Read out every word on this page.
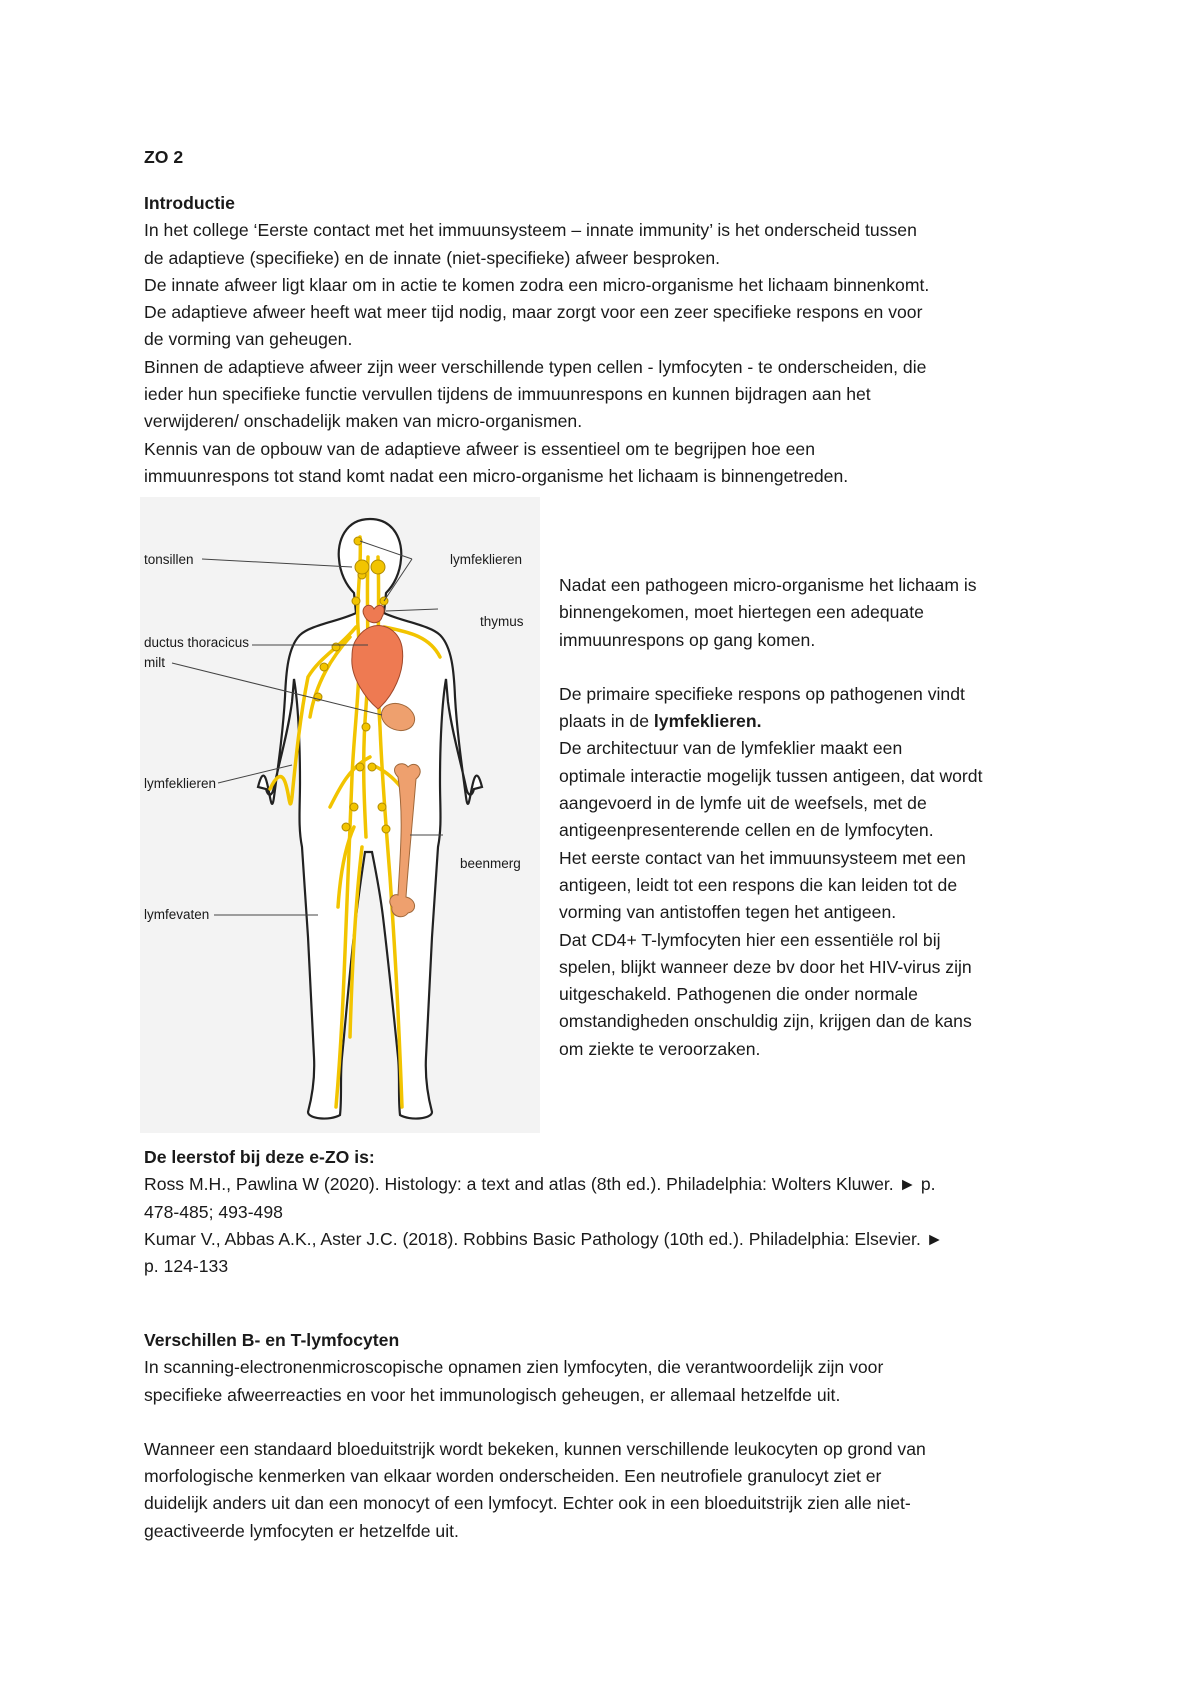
ZO 2

Introductie

In het college ‘Eerste contact met het immuunsysteem – innate immunity’ is het onderscheid tussen

de adaptieve (specifieke) en de innate (niet-specifieke) afweer besproken.

De innate afweer ligt klaar om in actie te komen zodra een micro-organisme het lichaam binnenkomt.

De adaptieve afweer heeft wat meer tijd nodig, maar zorgt voor een zeer specifieke respons en voor

de vorming van geheugen.

Binnen de adaptieve afweer zijn weer verschillende typen cellen - lymfocyten - te onderscheiden, die

ieder hun specifieke functie vervullen tijdens de immuunrespons en kunnen bijdragen aan het

verwijderen/ onschadelijk maken van micro-organismen.

Kennis van de opbouw van de adaptieve afweer is essentieel om te begrijpen hoe een

immuunrespons tot stand komt nadat een micro-organisme het lichaam is binnengetreden.

tonsillen	lymfeklieren
thymus
ductus thoracicus
milt
lymfeklieren
beenmerg
lymfevaten

Nadat een pathogeen micro-organisme het lichaam is

binnengekomen, moet hiertegen een adequate

immuunrespons op gang komen.

De primaire specifieke respons op pathogenen vindt

plaats in de lymfeklieren.

De architectuur van de lymfeklier maakt een

optimale interactie mogelijk tussen antigeen, dat wordt

aangevoerd in de lymfe uit de weefsels, met de

antigeenpresenterende cellen en de lymfocyten.

Het eerste contact van het immuunsysteem met een

antigeen, leidt tot een respons die kan leiden tot de

vorming van antistoffen tegen het antigeen.

Dat CD4+ T-lymfocyten hier een essentiële rol bij

spelen, blijkt wanneer deze bv door het HIV-virus zijn

uitgeschakeld. Pathogenen die onder normale

omstandigheden onschuldig zijn, krijgen dan de kans

om ziekte te veroorzaken.

De leerstof bij deze e-ZO is:

Ross M.H., Pawlina W (2020). Histology: a text and atlas (8th ed.). Philadelphia: Wolters Kluwer. ► p.

478-485; 493-498

Kumar V., Abbas A.K., Aster J.C. (2018). Robbins Basic Pathology (10th ed.). Philadelphia: Elsevier. ►

p. 124-133

Verschillen B- en T-lymfocyten

In scanning-electronenmicroscopische opnamen zien lymfocyten, die verantwoordelijk zijn voor

specifieke afweerreacties en voor het immunologisch geheugen, er allemaal hetzelfde uit.

Wanneer een standaard bloeduitstrijk wordt bekeken, kunnen verschillende leukocyten op grond van

morfologische kenmerken van elkaar worden onderscheiden. Een neutrofiele granulocyt ziet er

duidelijk anders uit dan een monocyt of een lymfocyt. Echter ook in een bloeduitstrijk zien alle niet-

geactiveerde lymfocyten er hetzelfde uit.
